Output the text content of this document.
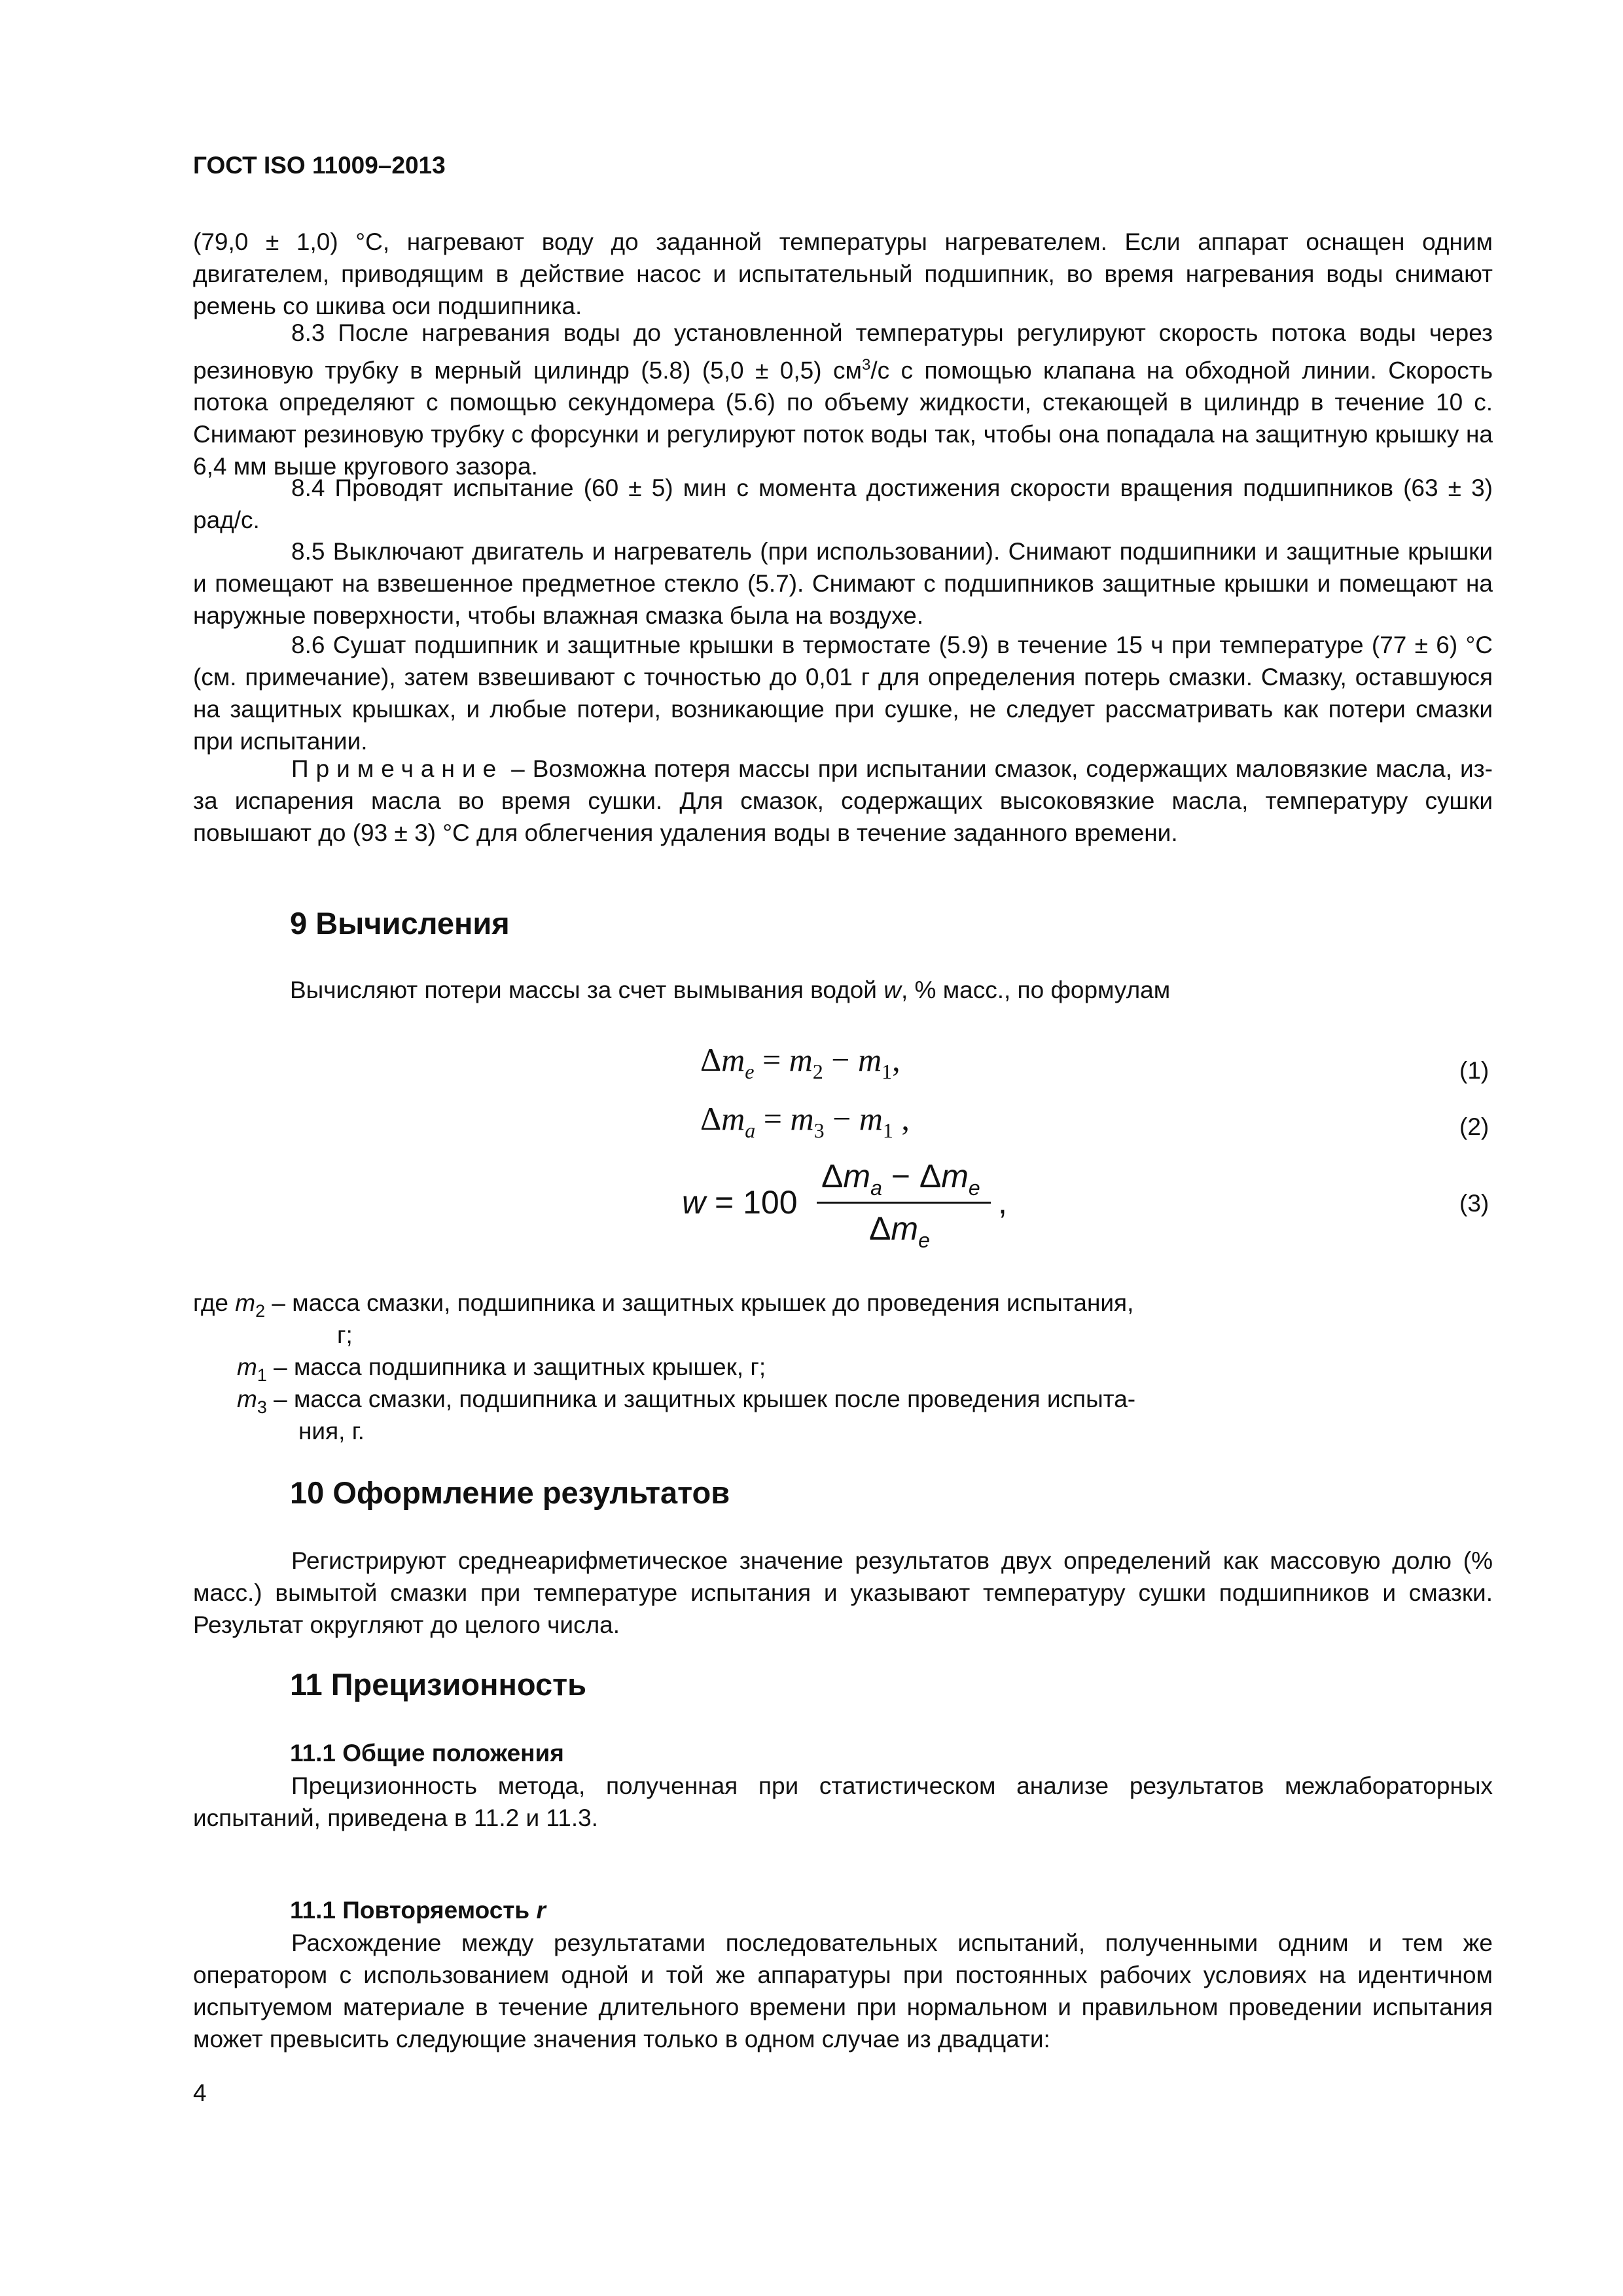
ГОСТ ISO 11009–2013
(79,0 ± 1,0) °С, нагревают воду до заданной температуры нагревателем. Если аппарат оснащен одним двигателем, приводящим в действие насос и испытательный подшипник, во время нагревания воды снимают ремень со шкива оси подшипника.
8.3 После нагревания воды до установленной температуры регулируют скорость потока воды через резиновую трубку в мерный цилиндр (5.8) (5,0 ± 0,5) $см^3/с$ с помощью клапана на обходной линии. Скорость потока определяют с помощью секундомера (5.6) по объему жидкости, стекающей в цилиндр в течение 10 с. Снимают резиновую трубку с форсунки и регулируют поток воды так, чтобы она попадала на защитную крышку на 6,4 мм выше кругового зазора.
8.4 Проводят испытание (60 ± 5) мин с момента достижения скорости вращения подшипников (63 ± 3) рад/с.
8.5 Выключают двигатель и нагреватель (при использовании). Снимают подшипники и защитные крышки и помещают на взвешенное предметное стекло (5.7). Снимают с подшипников защитные крышки и помещают на наружные поверхности, чтобы влажная смазка была на воздухе.
8.6 Сушат подшипник и защитные крышки в термостате (5.9) в течение 15 ч при температуре (77 ± 6) °С (см. примечание), затем взвешивают с точностью до 0,01 г для определения потерь смазки. Смазку, оставшуюся на защитных крышках, и любые потери, возникающие при сушке, не следует рассматривать как потери смазки при испытании.
Примечание – Возможна потеря массы при испытании смазок, содержащих маловязкие масла, из-за испарения масла во время сушки. Для смазок, содержащих высоковязкие масла, температуру сушки повышают до (93 ± 3) °С для облегчения удаления воды в течение заданного времени.
9 Вычисления
Вычисляют потери массы за счет вымывания водой w, % масс., по формулам
$\Delta m_e = m_2 - m_1$,	(1)
$\Delta m_a = m_3 - m_1$ ,	(2)
w = 100
$\Delta m_a - \Delta m_e$
$\Delta m_e$
,	(3)
где $m_2$ – масса смазки, подшипника и защитных крышек до проведения испытания,
г;
$m_1$ – масса подшипника и защитных крышек, г;
$m_3$ – масса смазки, подшипника и защитных крышек после проведения испыта-
ния, г.
10 Оформление результатов
Регистрируют среднеарифметическое значение результатов двух определений как массовую долю (% масс.) вымытой смазки при температуре испытания и указывают температуру сушки подшипников и смазки. Результат округляют до целого числа.
11 Прецизионность
11.1 Общие положения
Прецизионность метода, полученная при статистическом анализе результатов межлабораторных испытаний, приведена в 11.2 и 11.3.
11.1 Повторяемость r
Расхождение между результатами последовательных испытаний, полученными одним и тем же оператором с использованием одной и той же аппаратуры при постоянных рабочих условиях на идентичном испытуемом материале в течение длительного времени при нормальном и правильном проведении испытания может превысить следующие значения только в одном случае из двадцати:
4
